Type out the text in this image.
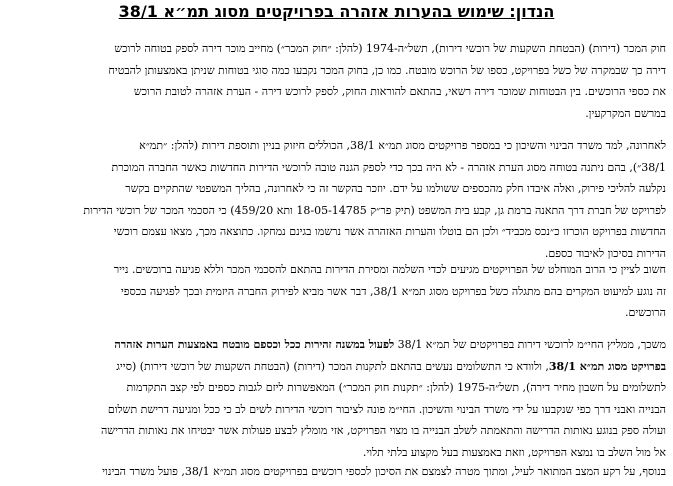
הנדון: שימוש בהערות אזהרה בפרויקטים מסוג תמ״א 38/1
חוק המכר (דירות) (הבטחת השקעות של רוכשי דירות), תשל״ה-1974 (להלן: ״חוק המכר״) מחייב מוכר דירה לספק בטוחה לרוכש
דירה כך שבמקרה של כשל בפרויקט, כספו של הרוכש מובטח. כמו כן, בחוק המכר נקבעו כמה סוגי בטוחות שניתן באמצעותן להבטיח
את כספי הרוכשים. בין הבטוחות שמוכר דירה רשאי, בהתאם להוראות החוק, לספק לרוכש דירה - הערת אזהרה לטובת הרוכש
במרשם המקרקעין.
לאחרונה, למד משרד הבינוי והשיכון כי במספר פרויקטים מסוג תמ״א 38/1, הכוללים חיזוק בניין ותוספת דירות (להלן: ״תמ״א
38/1״), בהם ניתנה בטוחה מסוג הערת אזהרה - לא היה בכך כדי לספק הגנה טובה לרוכשי הדירות החדשות כאשר החברה המוכרת
נקלעה להליכי פירוק, ואלה איבדו חלק מהכספים ששולמו על ידם. יוזכר בהקשר זה כי לאחרונה, בהליך המשפטי שהתקיים בקשר
לפרויקט של חברת דרך התאנה ברמת גן, קבע בית המשפט (תיק פר״ק 18-05-14785 ותא 459/20) כי הסכמי המכר של רוכשי הדירות
החדשות בפרויקט הוכרזו כ״נכס מכביד״ ולכן הם בוטלו והערות האזהרה אשר נרשמו בגינם נמחקו. כתוצאה מכך, מצאו עצמם רוכשי
הדירות בסיכון לאיבוד כספם.
חשוב לציין כי הרוב המוחלט של הפרויקטים מגיעים לכדי השלמה ומסירת הדירות בהתאם להסכמי המכר וללא פגיעה ברוכשים. נייר
זה נוגע למיעוט המקרים בהם מתגלה כשל בפרויקט מסוג תמ״א 38/1, דבר אשר מביא לפירוק החברה היזמית ובכך לפגיעה בכספי
הרוכשים.
משכך, ממליץ החי״מ לרוכשי דירות בפרויקטים של תמ״א 38/1 לפעול במשנה זהירות ככל וכספם מובטח באמצעות הערות אזהרה
בפרויקט מסוג תמ״א 38/1, ולוודא כי התשלומים נעשים בהתאם לתקנות המכר (דירות) (הבטחת השקעות של רוכשי דירות) (סייג
לתשלומים על חשבון מחיר דירה), תשל״ה-1975 (להלן: ״תקנות חוק המכר״) המאפשרות ליזם לגבות כספים לפי קצב התקדמות
הבנייה ואבני דרך כפי שנקבעו על ידי משרד הבינוי והשיכון. החי״מ פונה לציבור רוכשי הדירות לשים לב כי ככל ומגיעה דרישת תשלום
ועולה ספק בנוגע נאותות הדרישה והתאמתה לשלב הבנייה בו מצוי הפרויקט, אזי מומלץ לבצע פעולות אשר יבטיחו את נאותות הדרישה
אל מול השלב בו נמצא הפרויקט, וזאת באמצעות בעל מקצוע בלתי תלוי.
בנוסף, על רקע המצב המתואר לעיל, ומתוך מטרה לצמצם את הסיכון לכספי רוכשים בפרויקטים מסוג תמ״א 38/1, פועל משרד הבינוי
